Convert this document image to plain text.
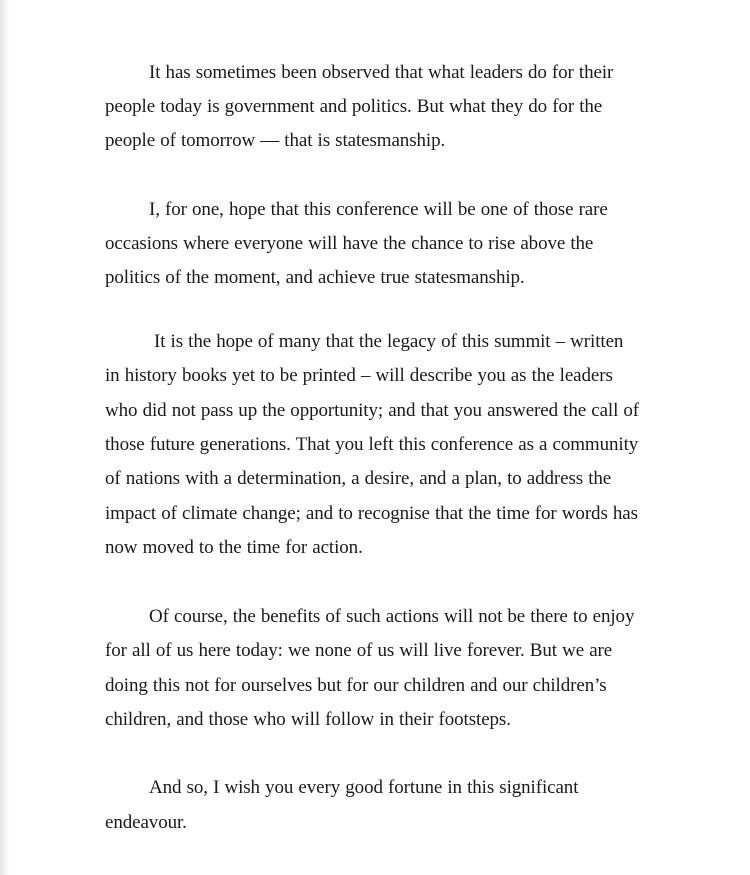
It has sometimes been observed that what leaders do for their
people today is government and politics. But what they do for the
people of tomorrow — that is statesmanship.
I, for one, hope that this conference will be one of those rare
occasions where everyone will have the chance to rise above the
politics of the moment, and achieve true statesmanship.
It is the hope of many that the legacy of this summit – written
in history books yet to be printed – will describe you as the leaders
who did not pass up the opportunity; and that you answered the call of
those future generations. That you left this conference as a community
of nations with a determination, a desire, and a plan, to address the
impact of climate change; and to recognise that the time for words has
now moved to the time for action.
Of course, the benefits of such actions will not be there to enjoy
for all of us here today: we none of us will live forever. But we are
doing this not for ourselves but for our children and our children’s
children, and those who will follow in their footsteps.
And so, I wish you every good fortune in this significant
endeavour.
